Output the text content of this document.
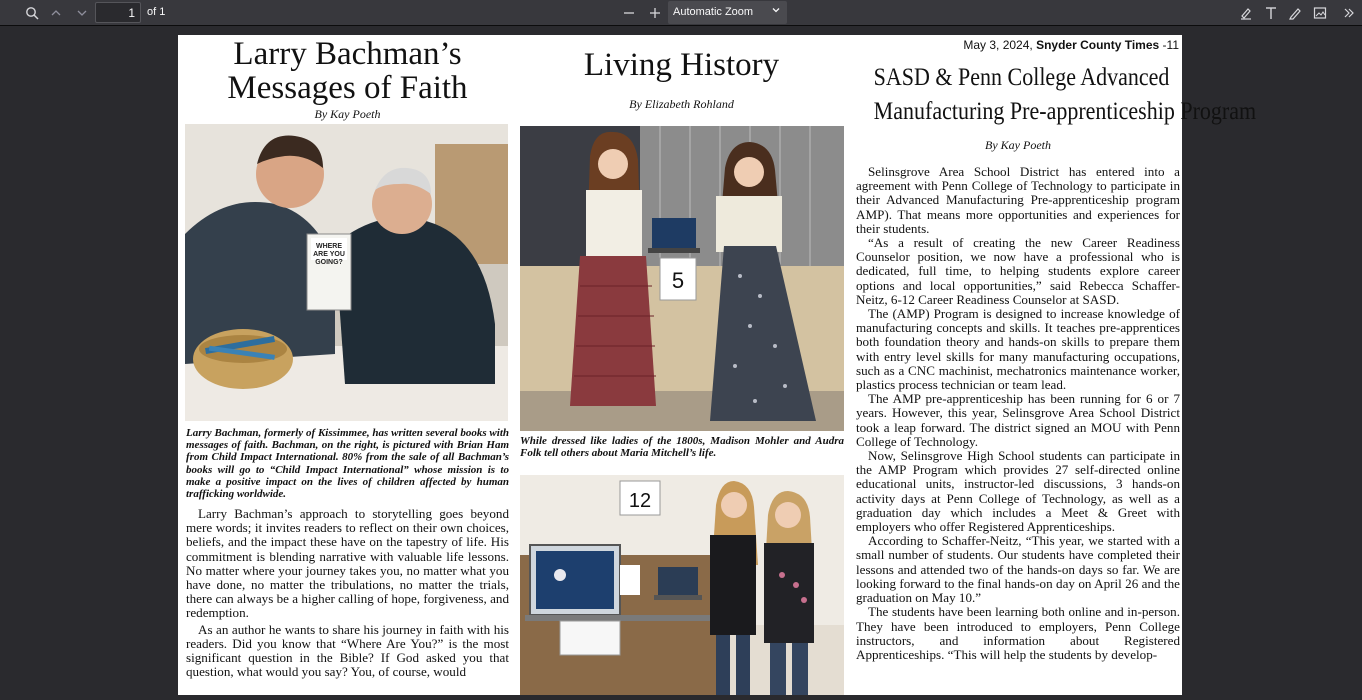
1
of 1	Automatic Zoom
May 3, 2024, Snyder County Times -11
Larry Bachman’s
Messages of Faith
By Kay Poeth
WHERE
ARE YOU
GOING?
Larry Bachman, formerly of Kissimmee, has written several books with messages of faith. Bachman, on the right, is pictured with Brian Ham from Child Impact International. 80% from the sale of all Bachman’s books will go to “Child Impact International” whose mission is to make a positive impact on the lives of children affected by human trafficking worldwide.

Larry Bachman’s approach to storytelling goes beyond mere words; it invites readers to reflect on their own choices, beliefs, and the impact these have on the tapestry of life. His commitment is blending narrative with valuable life lessons. No matter where your journey takes you, no matter what you have done, no matter the tribulations, no matter the trials, there can always be a higher calling of hope, forgiveness, and redemption.

As an author he wants to share his journey in faith with his readers. Did you know that “Where Are You?” is the most significant question in the Bible? If God asked you that question, what would you say? You, of course, would

Living History
By Elizabeth Rohland
5
While dressed like ladies of the 1800s, Madison Mohler and Audra Folk tell others about Maria Mitchell’s life.
12
SASD & Penn College Advanced
Manufacturing Pre-apprenticeship Program
By Kay Poeth

Selinsgrove Area School District has entered into a agreement with Penn College of Technology to participate in their Advanced Manufacturing Pre-apprenticeship program AMP). That means more opportunities and experiences for their students.

“As a result of creating the new Career Readiness Counselor position, we now have a professional who is dedicated, full time, to helping students explore career options and local opportunities,” said Rebecca Schaffer-Neitz, 6-12 Career Readiness Counselor at SASD.

The (AMP) Program is designed to increase knowledge of manufacturing concepts and skills. It teaches pre-apprentices both foundation theory and hands-on skills to prepare them with entry level skills for many manufacturing occupations, such as a CNC machinist, mechatronics maintenance worker, plastics process technician or team lead.

The AMP pre-apprenticeship has been running for 6 or 7 years. However, this year, Selinsgrove Area School District took a leap forward. The district signed an MOU with Penn College of Technology.

Now, Selinsgrove High School students can participate in the AMP Program which provides 27 self-directed online educational units, instructor-led discussions, 3 hands-on activity days at Penn College of Technology, as well as a graduation day which includes a Meet & Greet with employers who offer Registered Apprenticeships.

According to Schaffer-Neitz, “This year, we started with a small number of students. Our students have completed their lessons and attended two of the hands-on days so far. We are looking forward to the final hands-on day on April 26 and the graduation on May 10.”

The students have been learning both online and in-person. They have been introduced to employers, Penn College instructors, and information about Registered Apprenticeships. “This will help the students by develop-
